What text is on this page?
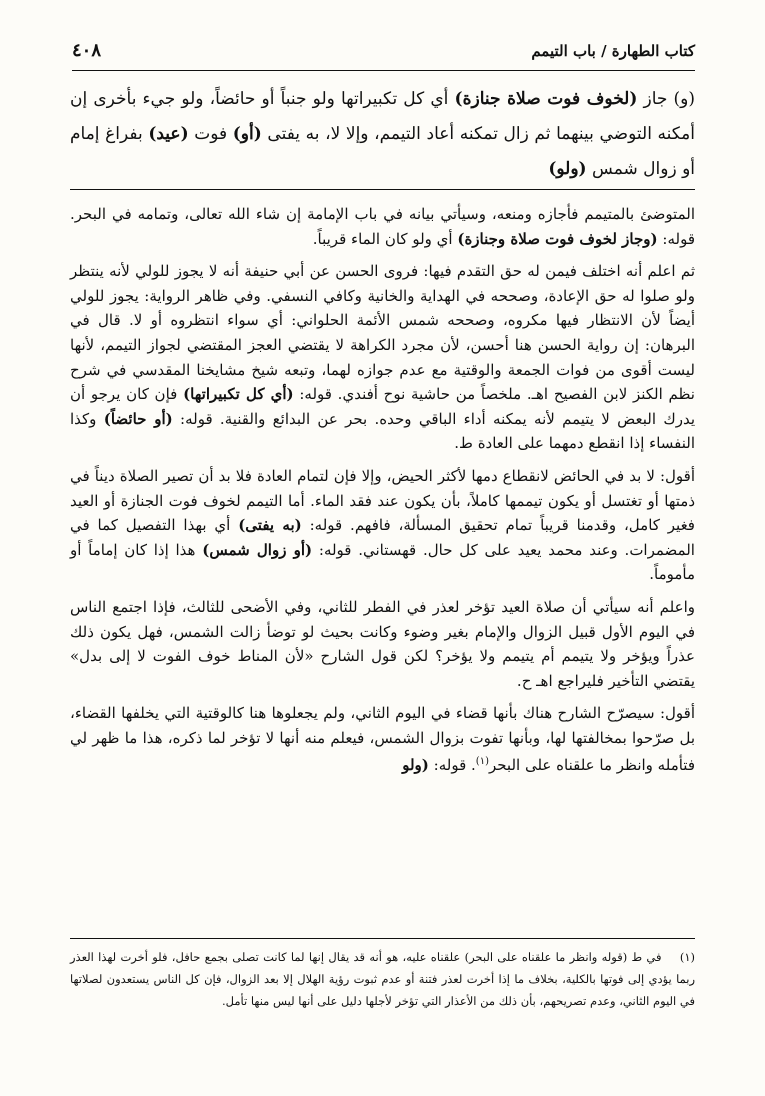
كتاب الطهارة / باب التيمم
٤٠٨
(و) جاز (لخوف فوت صلاة جنازة) أي كل تكبيراتها ولو جنباً أو حائضاً، ولو جيء بأخرى إن أمكنه التوضي بينهما ثم زال تمكنه أعاد التيمم، وإلا لا، به يفتى (أو) فوت (عيد) بفراغ إمام أو زوال شمس (ولو)

المتوضئ بالمتيمم فأجازه ومنعه، وسيأتي بيانه في باب الإمامة إن شاء الله تعالى، وتمامه في البحر. قوله: (وجاز لخوف فوت صلاة وجنازة) أي ولو كان الماء قريباً.

ثم اعلم أنه اختلف فيمن له حق التقدم فيها: فروى الحسن عن أبي حنيفة أنه لا يجوز للولي لأنه ينتظر ولو صلوا له حق الإعادة، وصححه في الهداية والخانية وكافي النسفي. وفي ظاهر الرواية: يجوز للولي أيضاً لأن الانتظار فيها مكروه، وصححه شمس الأئمة الحلواني: أي سواء انتظروه أو لا. قال في البرهان: إن رواية الحسن هنا أحسن، لأن مجرد الكراهة لا يقتضي العجز المقتضي لجواز التيمم، لأنها ليست أقوى من فوات الجمعة والوقتية مع عدم جوازه لهما، وتبعه شيخ مشايخنا المقدسي في شرح نظم الكنز لابن الفصيح اهـ. ملخصاً من حاشية نوح أفندي. قوله: (أي كل تكبيراتها) فإن كان يرجو أن يدرك البعض لا يتيمم لأنه يمكنه أداء الباقي وحده. بحر عن البدائع والقنية. قوله: (أو حائضاً) وكذا النفساء إذا انقطع دمهما على العادة ط.

أقول: لا بد في الحائض لانقطاع دمها لأكثر الحيض، وإلا فإن لتمام العادة فلا بد أن تصير الصلاة ديناً في ذمتها أو تغتسل أو يكون تيممها كاملاً، بأن يكون عند فقد الماء. أما التيمم لخوف فوت الجنازة أو العيد فغير كامل، وقدمنا قريباً تمام تحقيق المسألة، فافهم. قوله: (به يفتى) أي بهذا التفصيل كما في المضمرات. وعند محمد يعيد على كل حال. قهستاني. قوله: (أو زوال شمس) هذا إذا كان إماماً أو مأموماً.

واعلم أنه سيأتي أن صلاة العيد تؤخر لعذر في الفطر للثاني، وفي الأضحى للثالث، فإذا اجتمع الناس في اليوم الأول قبيل الزوال والإمام بغير وضوء وكانت بحيث لو توضأ زالت الشمس، فهل يكون ذلك عذراً ويؤخر ولا يتيمم أم يتيمم ولا يؤخر؟ لكن قول الشارح «لأن المناط خوف الفوت لا إلى بدل» يقتضي التأخير فليراجع اهـ ح.

أقول: سيصرّح الشارح هناك بأنها قضاء في اليوم الثاني، ولم يجعلوها هنا كالوقتية التي يخلفها القضاء، بل صرّحوا بمخالفتها لها، وبأنها تفوت بزوال الشمس، فيعلم منه أنها لا تؤخر لما ذكره، هذا ما ظهر لي فتأمله وانظر ما علقناه على البحر$^{(١)}$. قوله: (ولو

(١) في ط (قوله وانظر ما علقناه على البحر) علقناه عليه، هو أنه قد يقال إنها لما كانت تصلى بجمع حافل، فلو أخرت لهذا العذر ربما يؤدي إلى فوتها بالكلية، بخلاف ما إذا أخرت لعذر فتنة أو عدم ثبوت رؤية الهلال إلا بعد الزوال، فإن كل الناس يستعدون لصلاتها في اليوم الثاني، وعدم تصريحهم، بأن ذلك من الأعذار التي تؤخر لأجلها دليل على أنها ليس منها تأمل.
